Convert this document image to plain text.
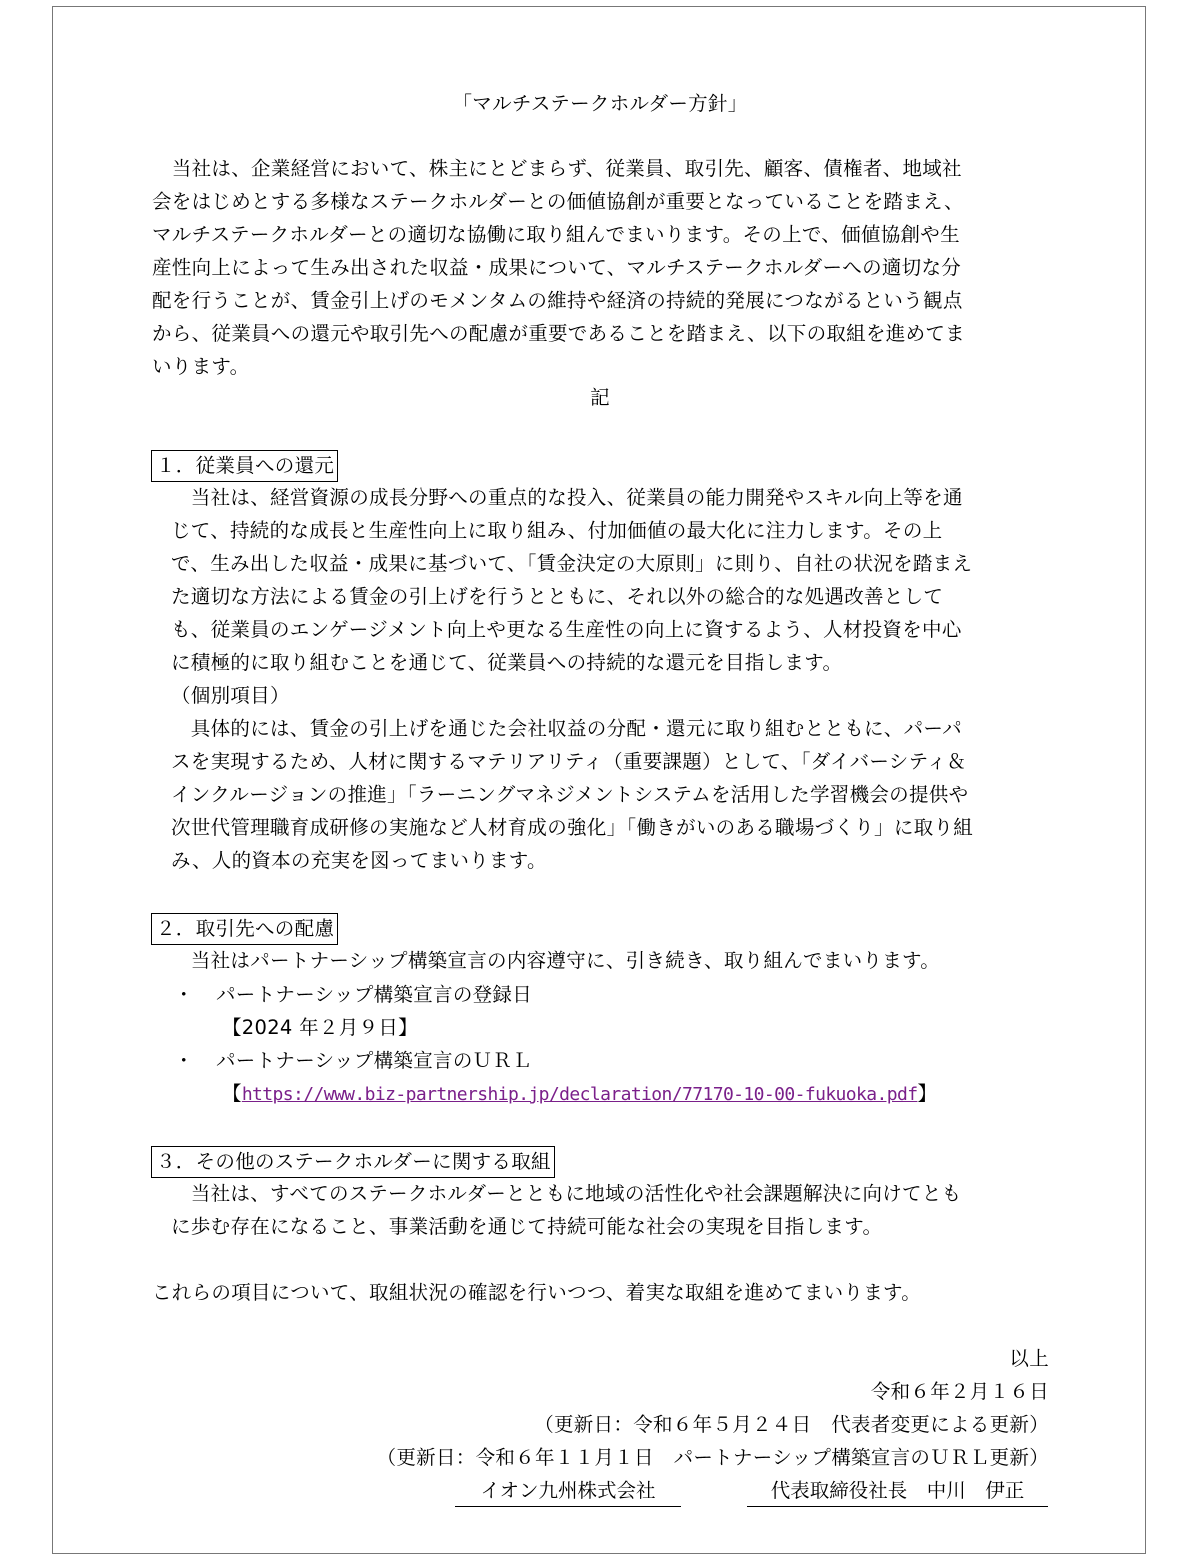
「マルチステークホルダー方針」
　当社は、企業経営において、株主にとどまらず、従業員、取引先、顧客、債権者、地域社
会をはじめとする多様なステークホルダーとの価値協創が重要となっていることを踏まえ、
マルチステークホルダーとの適切な協働に取り組んでまいります。その上で、価値協創や生
産性向上によって生み出された収益・成果について、マルチステークホルダーへの適切な分
配を行うことが、賃金引上げのモメンタムの維持や経済の持続的発展につながるという観点
から、従業員への還元や取引先への配慮が重要であることを踏まえ、以下の取組を進めてま
いります。
記
１．従業員への還元
　当社は、経営資源の成長分野への重点的な投入、従業員の能力開発やスキル向上等を通
じて、持続的な成長と生産性向上に取り組み、付加価値の最大化に注力します。その上
で、生み出した収益・成果に基づいて、「賃金決定の大原則」に則り、自社の状況を踏まえ
た適切な方法による賃金の引上げを行うとともに、それ以外の総合的な処遇改善として
も、従業員のエンゲージメント向上や更なる生産性の向上に資するよう、人材投資を中心
に積極的に取り組むことを通じて、従業員への持続的な還元を目指します。
（個別項目）
　具体的には、賃金の引上げを通じた会社収益の分配・還元に取り組むとともに、パーパ
スを実現するため、人材に関するマテリアリティ（重要課題）として、「ダイバーシティ＆
インクルージョンの推進」「ラーニングマネジメントシステムを活用した学習機会の提供や
次世代管理職育成研修の実施など人材育成の強化」「働きがいのある職場づくり」に取り組
み、人的資本の充実を図ってまいります。
２．取引先への配慮
　当社はパートナーシップ構築宣言の内容遵守に、引き続き、取り組んでまいります。
・ パートナーシップ構築宣言の登録日
【2024 年２月９日】
・ パートナーシップ構築宣言のＵＲＬ
【https://www.biz-partnership.jp/declaration/77170-10-00-fukuoka.pdf】
３．その他のステークホルダーに関する取組
　当社は、すべてのステークホルダーとともに地域の活性化や社会課題解決に向けてとも
に歩む存在になること、事業活動を通じて持続可能な社会の実現を目指します。
これらの項目について、取組状況の確認を行いつつ、着実な取組を進めてまいります。
以上
令和６年２月１６日
（更新日：令和６年５月２４日　代表者変更による更新）
（更新日：令和６年１１月１日　パートナーシップ構築宣言のＵＲＬ更新）
イオン九州株式会社	代表取締役社長　中川　伊正
